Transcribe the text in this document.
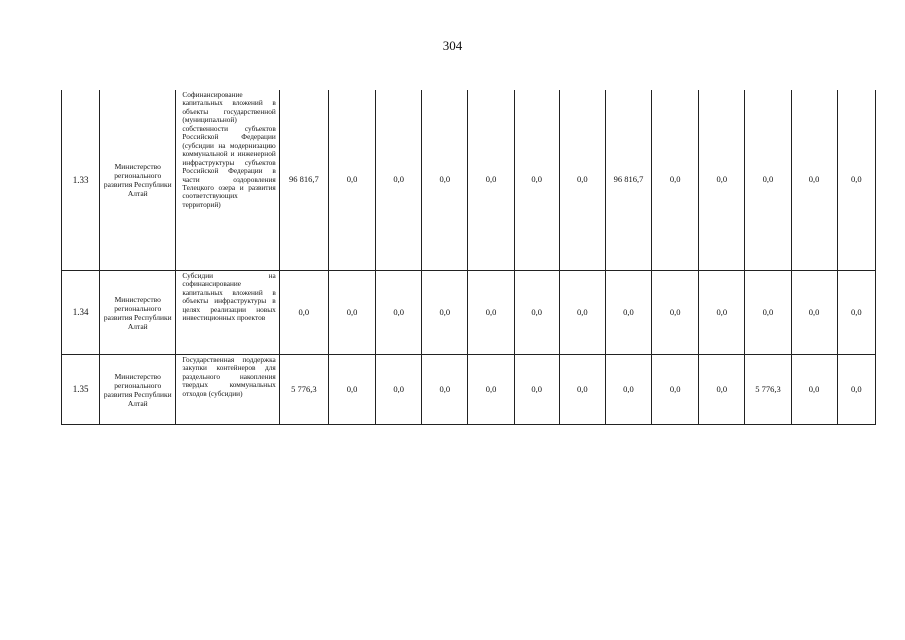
304
1.33	Министерство регионального развития Республики Алтай	Софинансирование капитальных вложений в объекты государственной (муниципальной) собственности субъектов Российской Федерации (субсидии на модернизацию коммунальной и инженерной инфраструктуры субъектов Российской Федерации в части оздоровления Телецкого озера и развития соответствующих территорий)	96 816,7	0,0	0,0	0,0	0,0	0,0	0,0	96 816,7	0,0	0,0	0,0	0,0	0,0
1.34	Министерство регионального развития Республики Алтай	Субсидии на софинансирование капитальных вложений в объекты инфраструктуры в целях реализации новых инвестиционных проектов	0,0	0,0	0,0	0,0	0,0	0,0	0,0	0,0	0,0	0,0	0,0	0,0	0,0
1.35	Министерство регионального развития Республики Алтай	Государственная поддержка закупки контейнеров для раздельного накопления твердых коммунальных отходов (субсидии)	5 776,3	0,0	0,0	0,0	0,0	0,0	0,0	0,0	0,0	0,0	5 776,3	0,0	0,0
